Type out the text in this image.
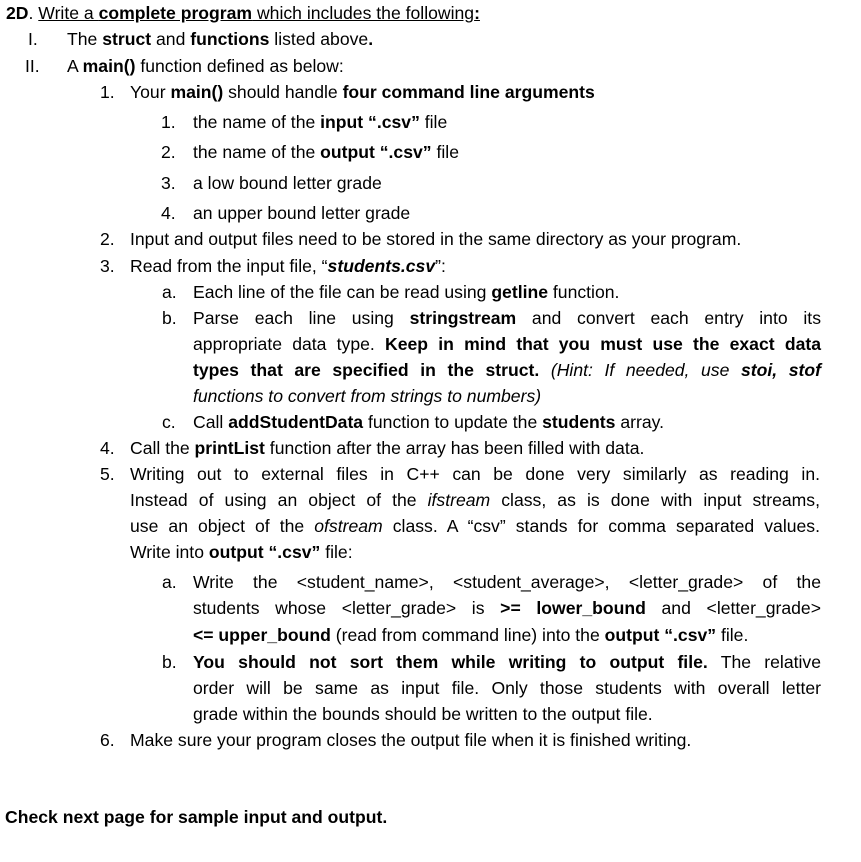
2D. Write a complete program which includes the following:
I. The struct and functions listed above.
II. A main() function defined as below:
1. Your main() should handle four command line arguments
1. the name of the input “.csv” file
2. the name of the output “.csv” file
3. a low bound letter grade
4. an upper bound letter grade
2. Input and output files need to be stored in the same directory as your program.
3. Read from the input file, “students.csv”:
a. Each line of the file can be read using getline function.
b. Parse each line using stringstream and convert each entry into its
appropriate data type. Keep in mind that you must use the exact data
types that are specified in the struct. (Hint: If needed, use stoi, stof
functions to convert from strings to numbers)
c. Call addStudentData function to update the students array.
4. Call the printList function after the array has been filled with data.
5. Writing out to external files in C++ can be done very similarly as reading in.
Instead of using an object of the ifstream class, as is done with input streams,
use an object of the ofstream class. A “csv” stands for comma separated values.
Write into output “.csv” file:
a. Write the <student_name>, <student_average>, <letter_grade> of the
students whose <letter_grade> is >= lower_bound and <letter_grade>
<= upper_bound (read from command line) into the output “.csv” file.
b. You should not sort them while writing to output file. The relative
order will be same as input file. Only those students with overall letter
grade within the bounds should be written to the output file.
6. Make sure your program closes the output file when it is finished writing.
Check next page for sample input and output.
